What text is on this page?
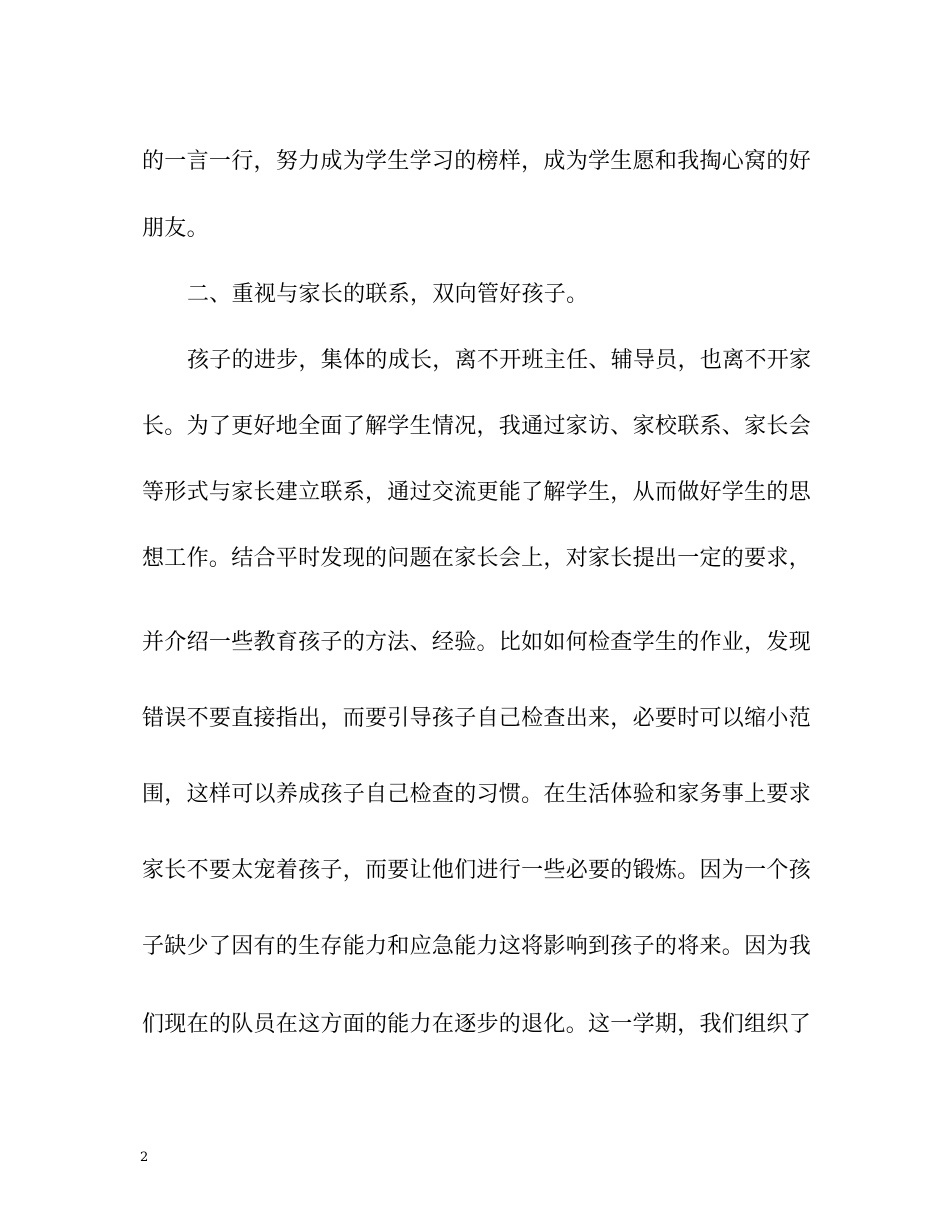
的一言一行，努力成为学生学习的榜样，成为学生愿和我掏心窝的好
朋友。
二、重视与家长的联系，双向管好孩子。
孩子的进步，集体的成长，离不开班主任、辅导员，也离不开家
长。为了更好地全面了解学生情况，我通过家访、家校联系、家长会
等形式与家长建立联系，通过交流更能了解学生，从而做好学生的思
想工作。结合平时发现的问题在家长会上，对家长提出一定的要求，
并介绍一些教育孩子的方法、经验。比如如何检查学生的作业，发现
错误不要直接指出，而要引导孩子自己检查出来，必要时可以缩小范
围，这样可以养成孩子自己检查的习惯。在生活体验和家务事上要求
家长不要太宠着孩子，而要让他们进行一些必要的锻炼。因为一个孩
子缺少了因有的生存能力和应急能力这将影响到孩子的将来。因为我
们现在的队员在这方面的能力在逐步的退化。这一学期，我们组织了
2
